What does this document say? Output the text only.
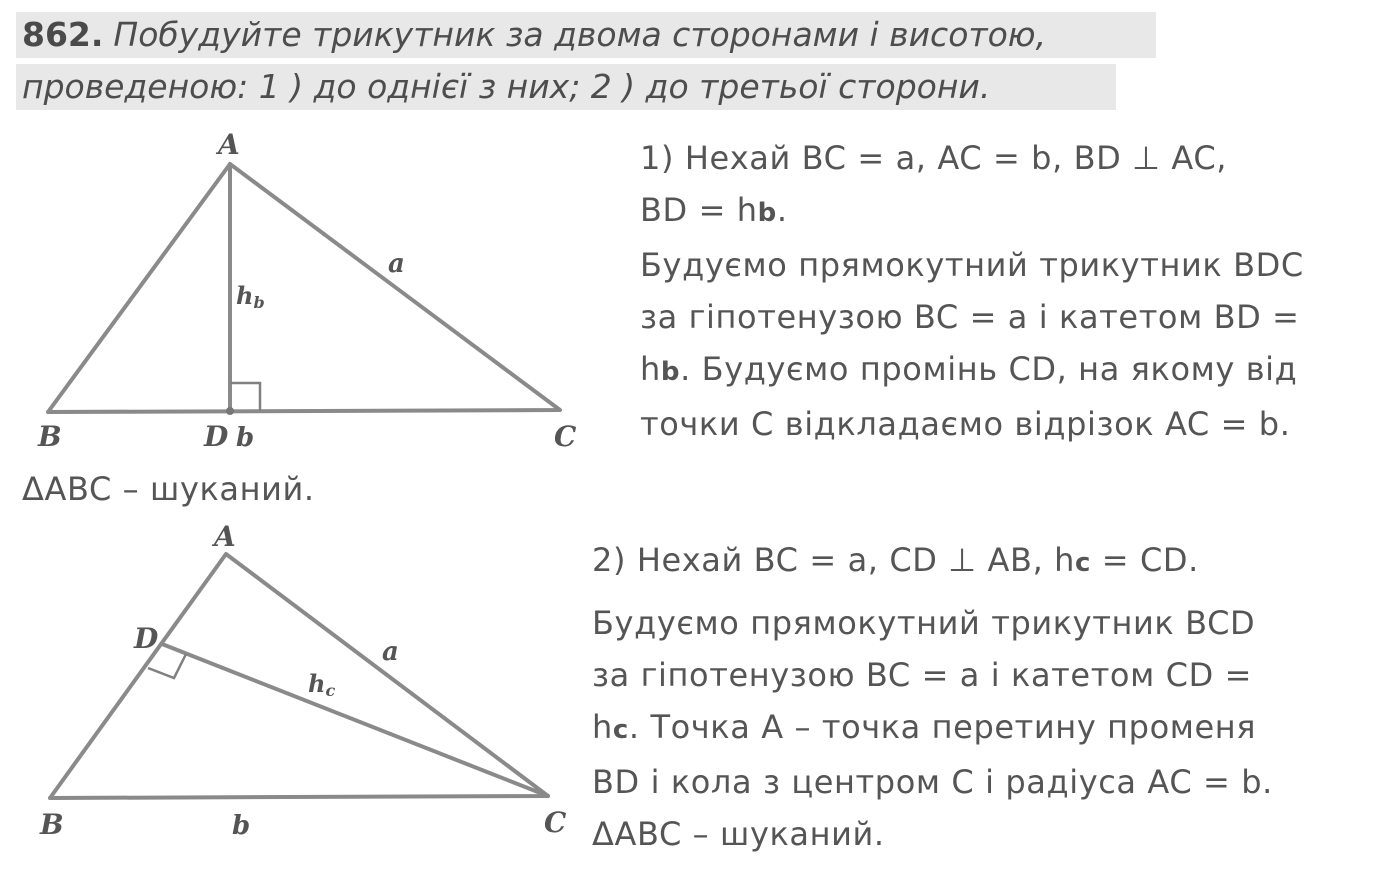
862. Побудуйте трикутник за двома сторонами і висотою,
проведеною: 1 ) до однієї з них; 2 ) до третьої сторони.
A
B	C
D b
a
hb
1) Нехай BC = a, AC = b, BD ⊥ AC,
BD = hb.
Будуємо прямокутний трикутник BDC
за гіпотенузою BC = a і катетом BD =
hb. Будуємо промінь CD, на якому від
точки C відкладаємо відрізок AC = b.
ΔABC – шуканий.
A
B	C
D
b
a
hc
2) Нехай BC = a, CD ⊥ AB, hc = CD.
Будуємо прямокутний трикутник BCD
за гіпотенузою BC = a і катетом CD =
hc. Точка A – точка перетину променя
BD і кола з центром C і радіуса AC = b.
ΔABC – шуканий.
